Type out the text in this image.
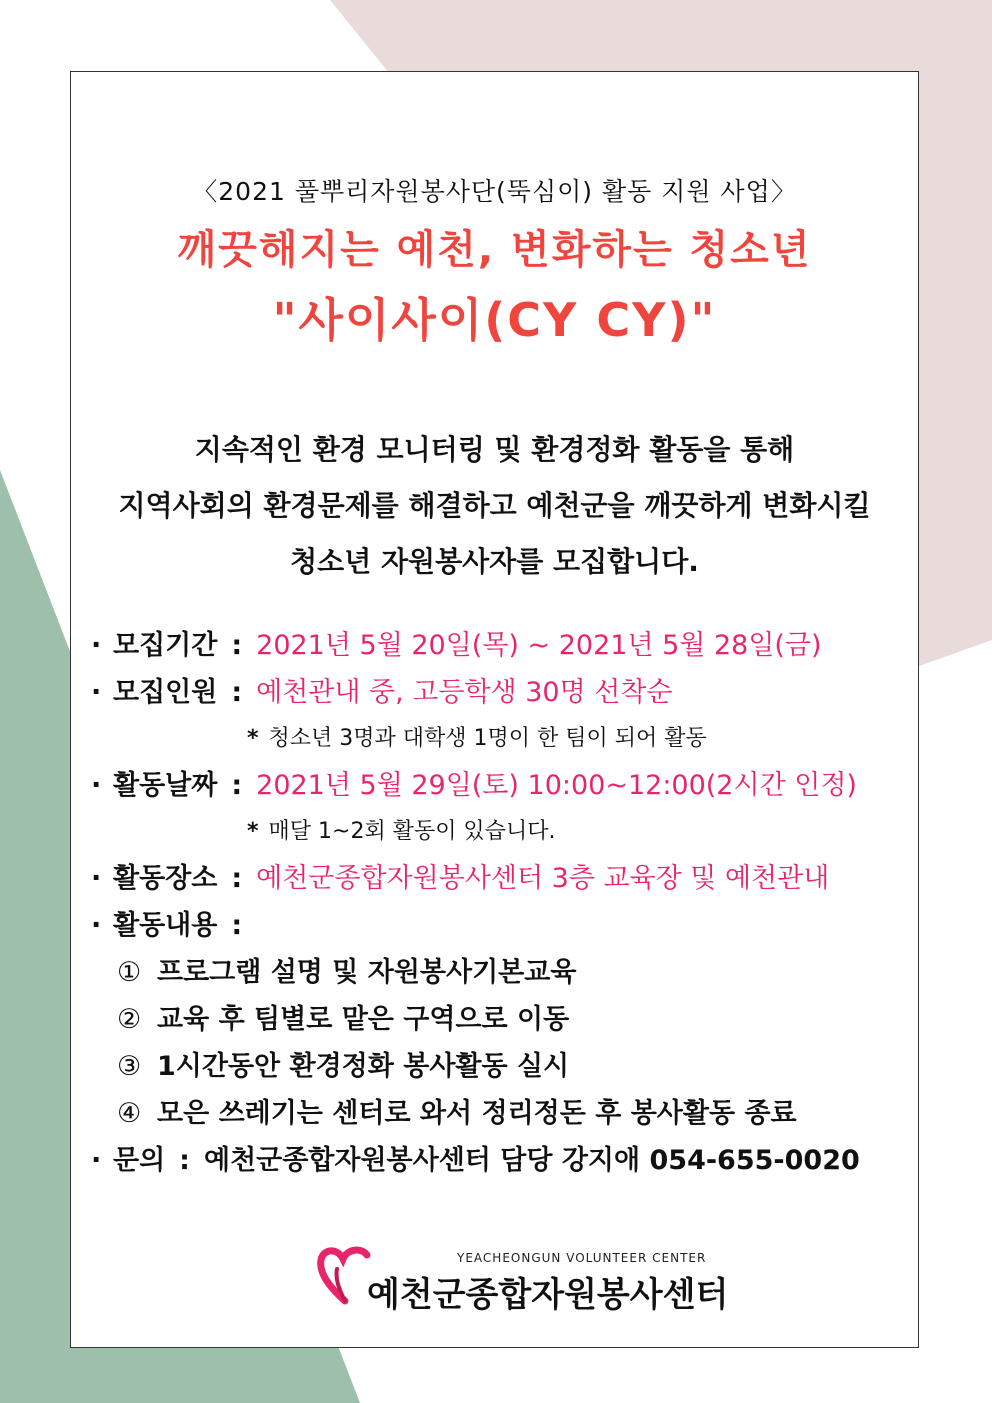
〈2021 풀뿌리자원봉사단(뚝심이) 활동 지원 사업〉
깨끗해지는 예천, 변화하는 청소년
"사이사이(CY CY)"
지속적인 환경 모니터링 및 환경정화 활동을 통해
지역사회의 환경문제를 해결하고 예천군을 깨끗하게 변화시킬
청소년 자원봉사자를 모집합니다.
· 모집기간 : 2021년 5월 20일(목) ~ 2021년 5월 28일(금)
· 모집인원 : 예천관내 중, 고등학생 30명 선착순
* 청소년 3명과 대학생 1명이 한 팀이 되어 활동
· 활동날짜 : 2021년 5월 29일(토) 10:00~12:00(2시간 인정)
* 매달 1~2회 활동이 있습니다.
· 활동장소 : 예천군종합자원봉사센터 3층 교육장 및 예천관내
· 활동내용 :
① 프로그램 설명 및 자원봉사기본교육
② 교육 후 팀별로 맡은 구역으로 이동
③ 1시간동안 환경정화 봉사활동 실시
④ 모은 쓰레기는 센터로 와서 정리정돈 후 봉사활동 종료
· 문의 : 예천군종합자원봉사센터 담당 강지애 054-655-0020
YEACHEONGUN VOLUNTEER CENTER
예천군종합자원봉사센터
